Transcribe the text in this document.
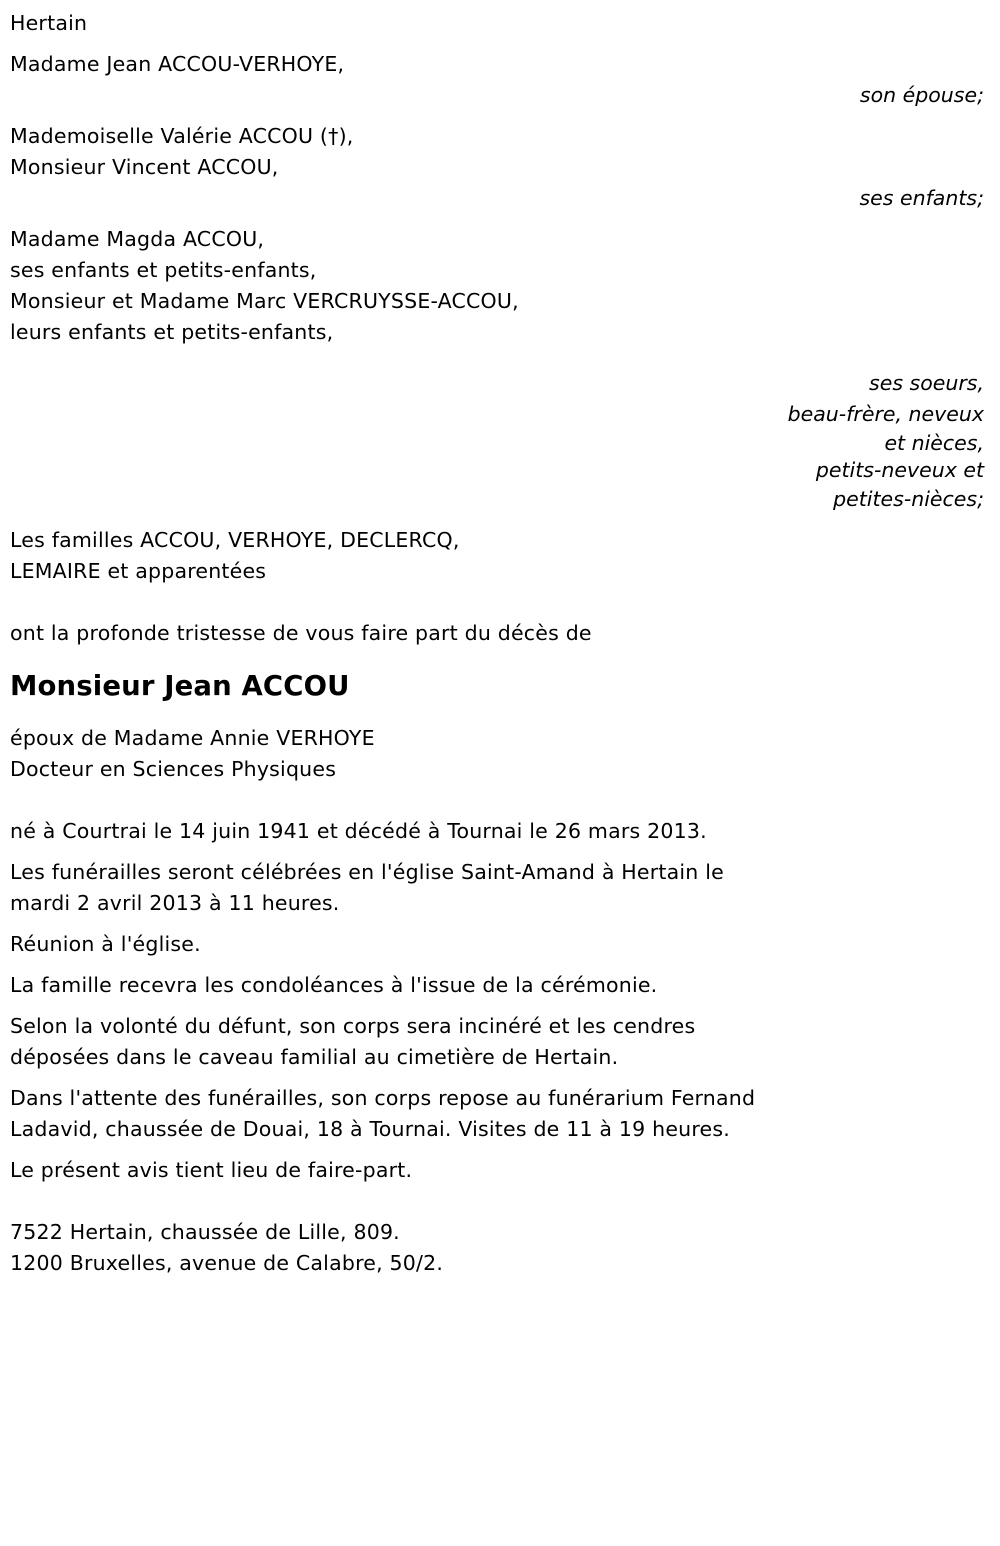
Hertain
Madame Jean ACCOU-VERHOYE,
son épouse;
Mademoiselle Valérie ACCOU (†),
Monsieur Vincent ACCOU,
ses enfants;
Madame Magda ACCOU,
ses enfants et petits-enfants,
Monsieur et Madame Marc VERCRUYSSE-ACCOU,
leurs enfants et petits-enfants,
ses soeurs,
beau-frère, neveux
et nièces,
petits-neveux et
petites-nièces;
Les familles ACCOU, VERHOYE, DECLERCQ,
LEMAIRE et apparentées
ont la profonde tristesse de vous faire part du décès de
Monsieur Jean ACCOU
époux de Madame Annie VERHOYE
Docteur en Sciences Physiques
né à Courtrai le 14 juin 1941 et décédé à Tournai le 26 mars 2013.
Les funérailles seront célébrées en l'église Saint-Amand à Hertain le
mardi 2 avril 2013 à 11 heures.
Réunion à l'église.
La famille recevra les condoléances à l'issue de la cérémonie.
Selon la volonté du défunt, son corps sera incinéré et les cendres
déposées dans le caveau familial au cimetière de Hertain.
Dans l'attente des funérailles, son corps repose au funérarium Fernand
Ladavid, chaussée de Douai, 18 à Tournai. Visites de 11 à 19 heures.
Le présent avis tient lieu de faire-part.
7522 Hertain, chaussée de Lille, 809.
1200 Bruxelles, avenue de Calabre, 50/2.
